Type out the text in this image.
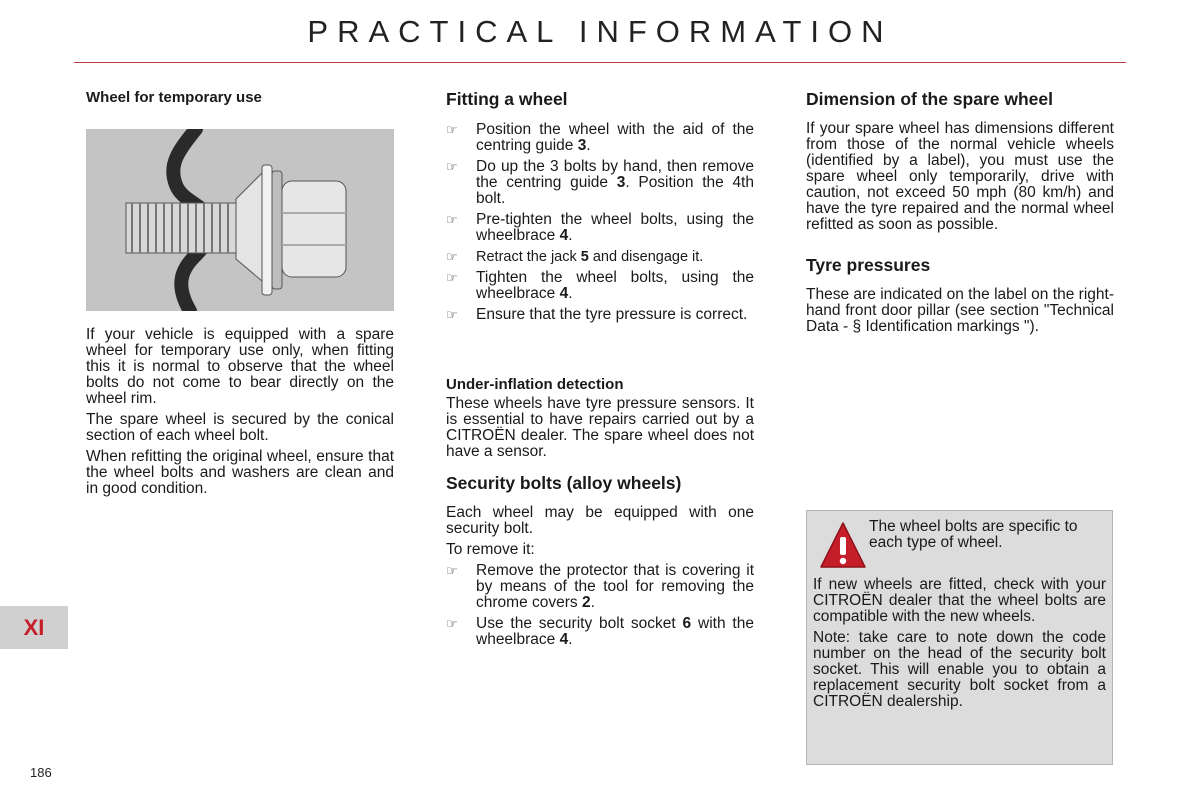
PRACTICAL INFORMATION
Wheel for temporary use

If your vehicle is equipped with a spare wheel for temporary use only, when fitting this it is normal to observe that the wheel bolts do not come to bear directly on the wheel rim.

The spare wheel is secured by the conical section of each wheel bolt.

When refitting the original wheel, ensure that the wheel bolts and washers are clean and in good condition.

Fitting a wheel
☞ Position the wheel with the aid of the centring guide 3.
☞ Do up the 3 bolts by hand, then remove the centring guide 3. Position the 4th bolt.
☞ Pre-tighten the wheel bolts, using the wheelbrace 4.
☞ Retract the jack 5 and disengage it.
☞ Tighten the wheel bolts, using the wheelbrace 4.
☞ Ensure that the tyre pressure is correct.
Under-inflation detection

These wheels have tyre pressure sensors. It is essential to have repairs carried out by a CITROËN dealer. The spare wheel does not have a sensor.

Security bolts (alloy wheels)

Each wheel may be equipped with one security bolt.

To remove it:

☞ Remove the protector that is covering it by means of the tool for removing the chrome covers 2.
☞ Use the security bolt socket 6 with the wheelbrace 4.
Dimension of the spare wheel

If your spare wheel has dimensions different from those of the normal vehicle wheels (identified by a label), you must use the spare wheel only temporarily, drive with caution, not exceed 50 mph (80 km/h) and have the tyre repaired and the normal wheel refitted as soon as possible.

Tyre pressures

These are indicated on the label on the right-hand front door pillar (see section "Technical Data - § Identification markings ").

The wheel bolts are specific to each type of wheel.

If new wheels are fitted, check with your CITROËN dealer that the wheel bolts are compatible with the new wheels.

Note: take care to note down the code number on the head of the security bolt socket. This will enable you to obtain a replacement security bolt socket from a CITROËN dealership.

XI
186
